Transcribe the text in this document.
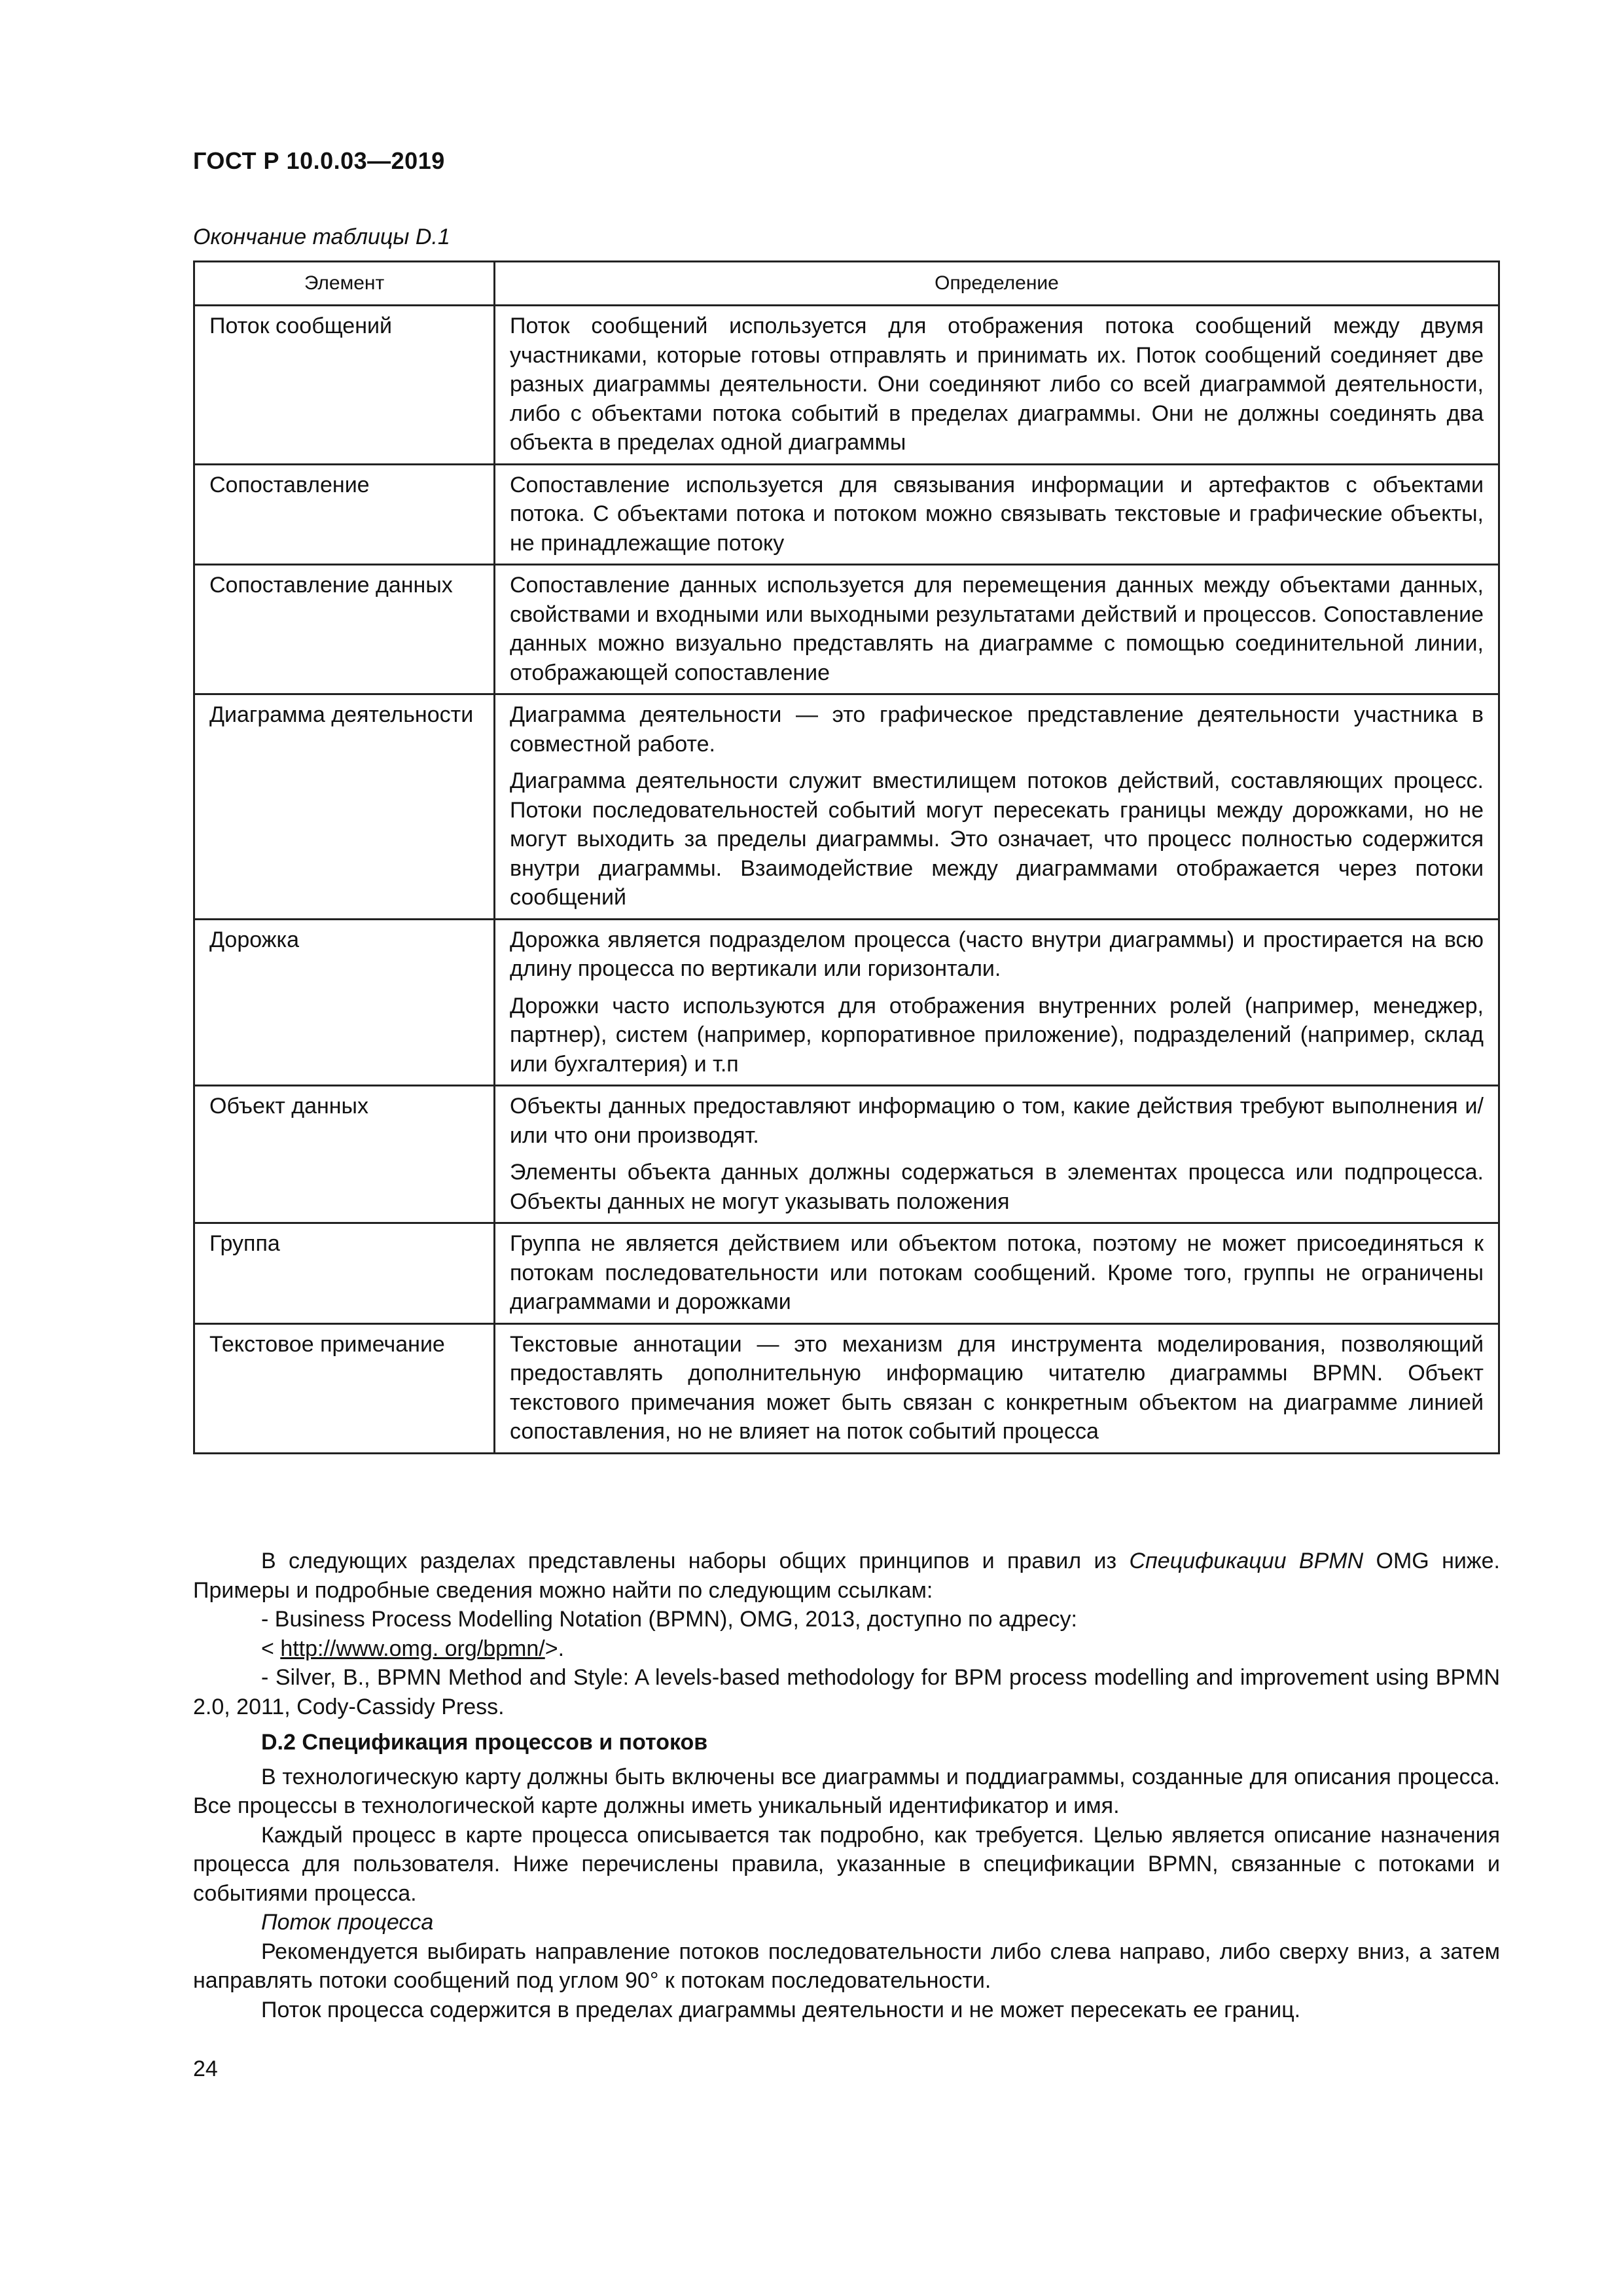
ГОСТ Р 10.0.03—2019
Окончание таблицы D.1
Элемент	Определение
Поток сообщений	Поток сообщений используется для отображения потока сообщений между двумя участниками, которые готовы отправлять и принимать их. Поток сообщений соединяет две разных диаграммы деятельности. Они соединяют либо со всей диаграммой деятельности, либо с объектами потока событий в пределах диаграммы. Они не должны соединять два объекта в пределах одной диаграммы

Сопоставление	Сопоставление используется для связывания информации и артефактов с объектами потока. С объектами потока и потоком можно связывать текстовые и графические объекты, не принадлежащие потоку

Сопоставление данных	Сопоставление данных используется для перемещения данных между объектами данных, свойствами и входными или выходными результатами действий и процессов. Сопоставление данных можно визуально представлять на диаграмме с помощью соединительной линии, отображающей сопоставление

Диаграмма деятельности	Диаграмма деятельности — это графическое представление деятельности участника в совместной работе.

Диаграмма деятельности служит вместилищем потоков действий, составляющих процесс. Потоки последовательностей событий могут пересекать границы между дорожками, но не могут выходить за пределы диаграммы. Это означает, что процесс полностью содержится внутри диаграммы. Взаимодействие между диаграммами отображается через потоки сообщений

Дорожка	Дорожка является подразделом процесса (часто внутри диаграммы) и простирается на всю длину процесса по вертикали или горизонтали.

Дорожки часто используются для отображения внутренних ролей (например, менеджер, партнер), систем (например, корпоративное приложение), подразделений (например, склад или бухгалтерия) и т.п

Объект данных	Объекты данных предоставляют информацию о том, какие действия требуют выполнения и/или что они производят.

Элементы объекта данных должны содержаться в элементах процесса или подпроцесса. Объекты данных не могут указывать положения

Группа	Группа не является действием или объектом потока, поэтому не может присоединяться к потокам последовательности или потокам сообщений. Кроме того, группы не ограничены диаграммами и дорожками

Текстовое примечание	Текстовые аннотации — это механизм для инструмента моделирования, позволяющий предоставлять дополнительную информацию читателю диаграммы BPMN. Объект текстового примечания может быть связан с конкретным объектом на диаграмме линией сопоставления, но не влияет на поток событий процесса

В следующих разделах представлены наборы общих принципов и правил из Спецификации BPMN OMG ниже. Примеры и подробные сведения можно найти по следующим ссылкам:

- Business Process Modelling Notation (BPMN), OMG, 2013, доступно по адресу:

< http://www.omg. org/bpmn/>.

- Silver, B., BPMN Method and Style: A levels-based methodology for BPM process modelling and improvement using BPMN 2.0, 2011, Cody-Cassidy Press.

D.2 Спецификация процессов и потоков

В технологическую карту должны быть включены все диаграммы и поддиаграммы, созданные для описания процесса. Все процессы в технологической карте должны иметь уникальный идентификатор и имя.

Каждый процесс в карте процесса описывается так подробно, как требуется. Целью является описание назначения процесса для пользователя. Ниже перечислены правила, указанные в спецификации BPMN, связанные с потоками и событиями процесса.

Поток процесса

Рекомендуется выбирать направление потоков последовательности либо слева направо, либо сверху вниз, а затем направлять потоки сообщений под углом 90° к потокам последовательности.

Поток процесса содержится в пределах диаграммы деятельности и не может пересекать ее границ.

24
